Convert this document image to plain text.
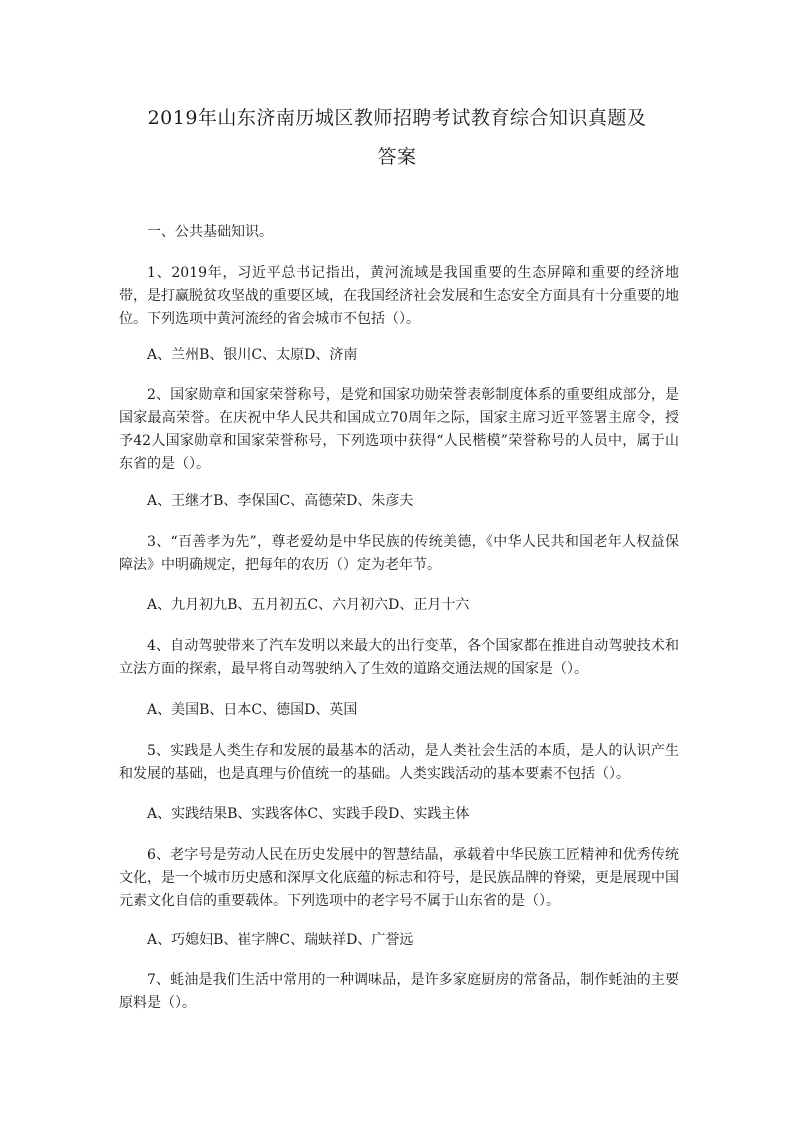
2019年山东济南历城区教师招聘考试教育综合知识真题及
答案

一、公共基础知识。

1、2019年，习近平总书记指出，黄河流域是我国重要的生态屏障和重要的经济地带，是打赢脱贫攻坚战的重要区域，在我国经济社会发展和生态安全方面具有十分重要的地位。下列选项中黄河流经的省会城市不包括（）。

A、兰州B、银川C、太原D、济南

2、国家勋章和国家荣誉称号，是党和国家功勋荣誉表彰制度体系的重要组成部分，是国家最高荣誉。在庆祝中华人民共和国成立70周年之际，国家主席习近平签署主席令，授予42人国家勋章和国家荣誉称号，下列选项中获得“人民楷模”荣誉称号的人员中，属于山东省的是（）。

A、王继才B、李保国C、高德荣D、朱彦夫

3、“百善孝为先”，尊老爱幼是中华民族的传统美德，《中华人民共和国老年人权益保障法》中明确规定，把每年的农历（）定为老年节。

A、九月初九B、五月初五C、六月初六D、正月十六

4、自动驾驶带来了汽车发明以来最大的出行变革，各个国家都在推进自动驾驶技术和立法方面的探索，最早将自动驾驶纳入了生效的道路交通法规的国家是（）。

A、美国B、日本C、德国D、英国

5、实践是人类生存和发展的最基本的活动，是人类社会生活的本质，是人的认识产生和发展的基础，也是真理与价值统一的基础。人类实践活动的基本要素不包括（）。

A、实践结果B、实践客体C、实践手段D、实践主体

6、老字号是劳动人民在历史发展中的智慧结晶，承载着中华民族工匠精神和优秀传统文化，是一个城市历史感和深厚文化底蕴的标志和符号，是民族品牌的脊梁，更是展现中国元素文化自信的重要载体。下列选项中的老字号不属于山东省的是（）。

A、巧媳妇B、崔字牌C、瑞蚨祥D、广誉远

7、蚝油是我们生活中常用的一种调味品，是许多家庭厨房的常备品，制作蚝油的主要原料是（）。
